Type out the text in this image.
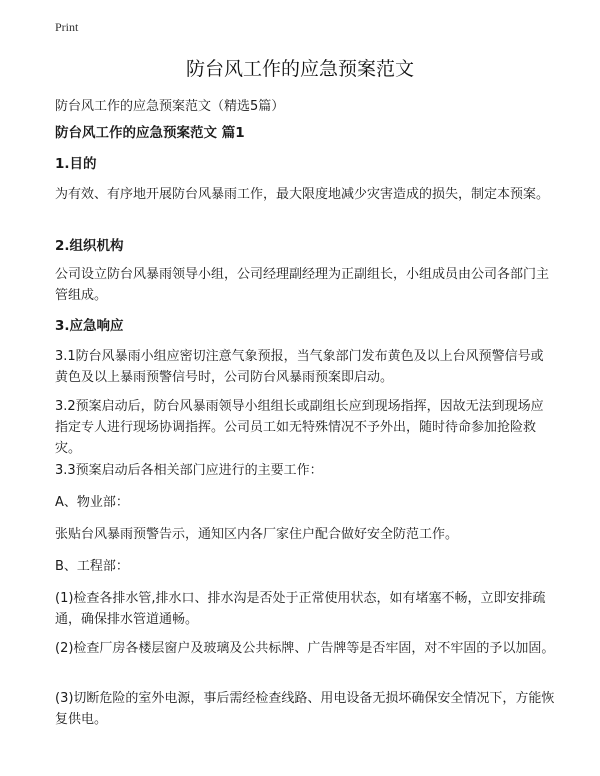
Print
防台风工作的应急预案范文

防台风工作的应急预案范文（精选5篇）

防台风工作的应急预案范文 篇1

1.目的

为有效、有序地开展防台风暴雨工作，最大限度地减少灾害造成的损失，制定本预案。

2.组织机构

公司设立防台风暴雨领导小组，公司经理副经理为正副组长，小组成员由公司各部门主管组成。

3.应急响应

3.1防台风暴雨小组应密切注意气象预报，当气象部门发布黄色及以上台风预警信号或黄色及以上暴雨预警信号时，公司防台风暴雨预案即启动。

3.2预案启动后，防台风暴雨领导小组组长或副组长应到现场指挥，因故无法到现场应指定专人进行现场协调指挥。公司员工如无特殊情况不予外出，随时待命参加抢险救灾。

3.3预案启动后各相关部门应进行的主要工作：

A、物业部：

张贴台风暴雨预警告示，通知区内各厂家住户配合做好安全防范工作。

B、工程部：

(1)检查各排水管,排水口、排水沟是否处于正常使用状态，如有堵塞不畅，立即安排疏通，确保排水管道通畅。

(2)检查厂房各楼层窗户及玻璃及公共标牌、广告牌等是否牢固，对不牢固的予以加固。

(3)切断危险的室外电源，事后需经检查线路、用电设备无损坏确保安全情况下，方能恢复供电。
